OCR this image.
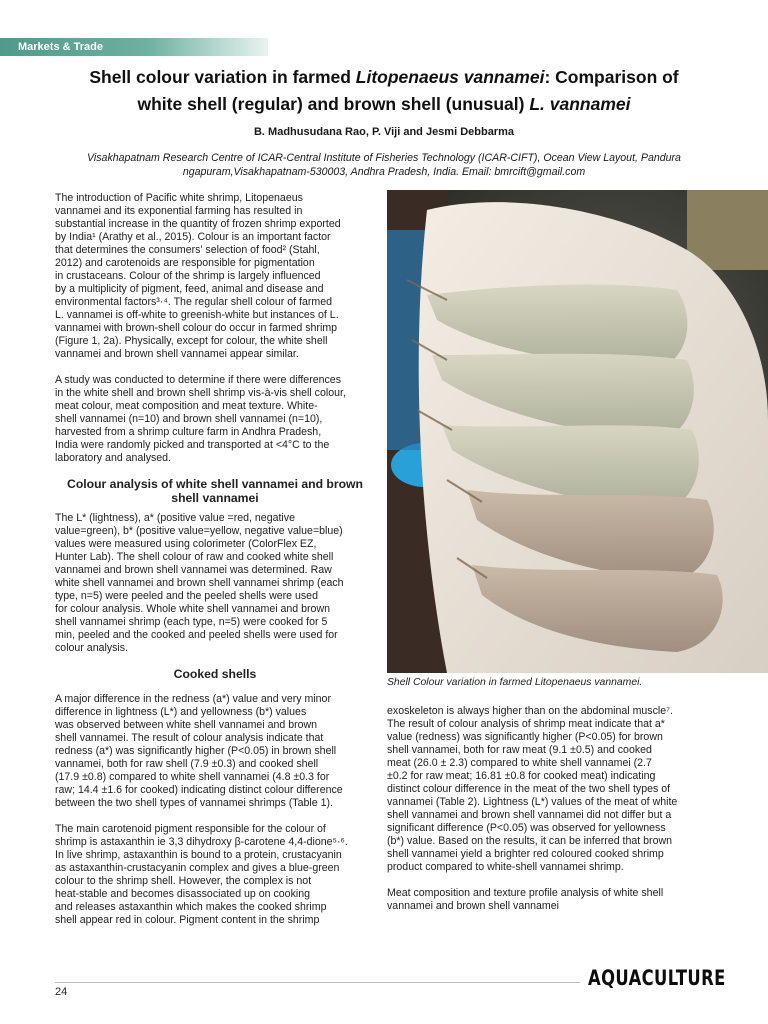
Markets & Trade
Shell colour variation in farmed Litopenaeus vannamei: Comparison of
white shell (regular) and brown shell (unusual) L. vannamei
B. Madhusudana Rao, P. Viji and Jesmi Debbarma
Visakhapatnam Research Centre of ICAR-Central Institute of Fisheries Technology (ICAR-CIFT), Ocean View Layout, Pandura
ngapuram,Visakhapatnam-530003, Andhra Pradesh, India. Email: bmrcift@gmail.com

The introduction of Pacific white shrimp, Litopenaeus

vannamei and its exponential farming has resulted in

substantial increase in the quantity of frozen shrimp exported

by India¹ (Arathy et al., 2015). Colour is an important factor

that determines the consumers' selection of food² (Stahl,

2012) and carotenoids are responsible for pigmentation

in crustaceans. Colour of the shrimp is largely influenced

by a multiplicity of pigment, feed, animal and disease and

environmental factors³·⁴. The regular shell colour of farmed

L. vannamei is off-white to greenish-white but instances of L.

vannamei with brown-shell colour do occur in farmed shrimp

(Figure 1, 2a). Physically, except for colour, the white shell

vannamei and brown shell vannamei appear similar.

A study was conducted to determine if there were differences

in the white shell and brown shell shrimp vis-à-vis shell colour,

meat colour, meat composition and meat texture. White-

shell vannamei (n=10) and brown shell vannamei (n=10),

harvested from a shrimp culture farm in Andhra Pradesh,

India were randomly picked and transported at <4°C to the

laboratory and analysed.

Colour analysis of white shell vannamei and brown shell vannamei

The L* (lightness), a* (positive value =red, negative

value=green), b* (positive value=yellow, negative value=blue)

values were measured using colorimeter (ColorFlex EZ,

Hunter Lab). The shell colour of raw and cooked white shell

vannamei and brown shell vannamei was determined. Raw

white shell vannamei and brown shell vannamei shrimp (each

type, n=5) were peeled and the peeled shells were used

for colour analysis. Whole white shell vannamei and brown

shell vannamei shrimp (each type, n=5) were cooked for 5

min, peeled and the cooked and peeled shells were used for

colour analysis.

Cooked shells

A major difference in the redness (a*) value and very minor

difference in lightness (L*) and yellowness (b*) values

was observed between white shell vannamei and brown

shell vannamei. The result of colour analysis indicate that

redness (a*) was significantly higher (P<0.05) in brown shell

vannamei, both for raw shell (7.9 ±0.3) and cooked shell

(17.9 ±0.8) compared to white shell vannamei (4.8 ±0.3 for

raw; 14.4 ±1.6 for cooked) indicating distinct colour difference

between the two shell types of vannamei shrimps (Table 1).

The main carotenoid pigment responsible for the colour of

shrimp is astaxanthin ie 3,3 dihydroxy β-carotene 4,4-dione⁵·⁶.

In live shrimp, astaxanthin is bound to a protein, crustacyanin

as astaxanthin-crustacyanin complex and gives a blue-green

colour to the shrimp shell. However, the complex is not

heat-stable and becomes disassociated up on cooking

and releases astaxanthin which makes the cooked shrimp

shell appear red in colour. Pigment content in the shrimp

Shell Colour variation in farmed Litopenaeus vannamei.

exoskeleton is always higher than on the abdominal muscle⁷.

The result of colour analysis of shrimp meat indicate that a*

value (redness) was significantly higher (P<0.05) for brown

shell vannamei, both for raw meat (9.1 ±0.5) and cooked

meat (26.0 ± 2.3) compared to white shell vannamei (2.7

±0.2 for raw meat; 16.81 ±0.8 for cooked meat) indicating

distinct colour difference in the meat of the two shell types of

vannamei (Table 2). Lightness (L*) values of the meat of white

shell vannamei and brown shell vannamei did not differ but a

significant difference (P<0.05) was observed for yellowness

(b*) value. Based on the results, it can be inferred that brown

shell vannamei yield a brighter red coloured cooked shrimp

product compared to white-shell vannamei shrimp.

Meat composition and texture profile analysis of white shell

vannamei and brown shell vannamei

24
AQUACULTURE
